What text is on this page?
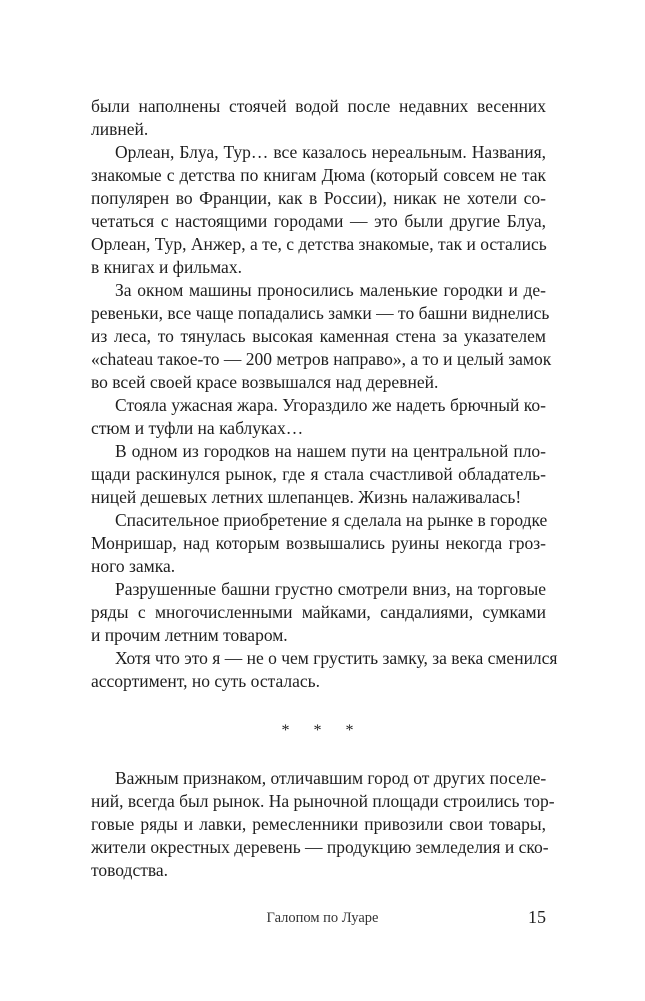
были наполнены стоячей водой после недавних весенних
ливней.
Орлеан, Блуа, Тур… все казалось нереальным. Названия,
знакомые с детства по книгам Дюма (который совсем не так
популярен во Франции, как в России), никак не хотели со-
четаться с настоящими городами — это были другие Блуа,
Орлеан, Тур, Анжер, а те, с детства знакомые, так и остались
в книгах и фильмах.
За окном машины проносились маленькие городки и де-
ревеньки, все чаще попадались замки — то башни виднелись
из леса, то тянулась высокая каменная стена за указателем
«chateau такое-то — 200 метров направо», а то и целый замок
во всей своей красе возвышался над деревней.
Стояла ужасная жара. Угораздило же надеть брючный ко-
стюм и туфли на каблуках…
В одном из городков на нашем пути на центральной пло-
щади раскинулся рынок, где я стала счастливой обладатель-
ницей дешевых летних шлепанцев. Жизнь налаживалась!
Спасительное приобретение я сделала на рынке в городке
Монришар, над которым возвышались руины некогда гроз-
ного замка.
Разрушенные башни грустно смотрели вниз, на торговые
ряды с многочисленными майками, сандалиями, сумками
и прочим летним товаром.
Хотя что это я — не о чем грустить замку, за века сменился
ассортимент, но суть осталась.
* * *
Важным признаком, отличавшим город от других поселе-
ний, всегда был рынок. На рыночной площади строились тор-
говые ряды и лавки, ремесленники привозили свои товары,
жители окрестных деревень — продукцию земледелия и ско-
товодства.
Галопом по Луаре	15
